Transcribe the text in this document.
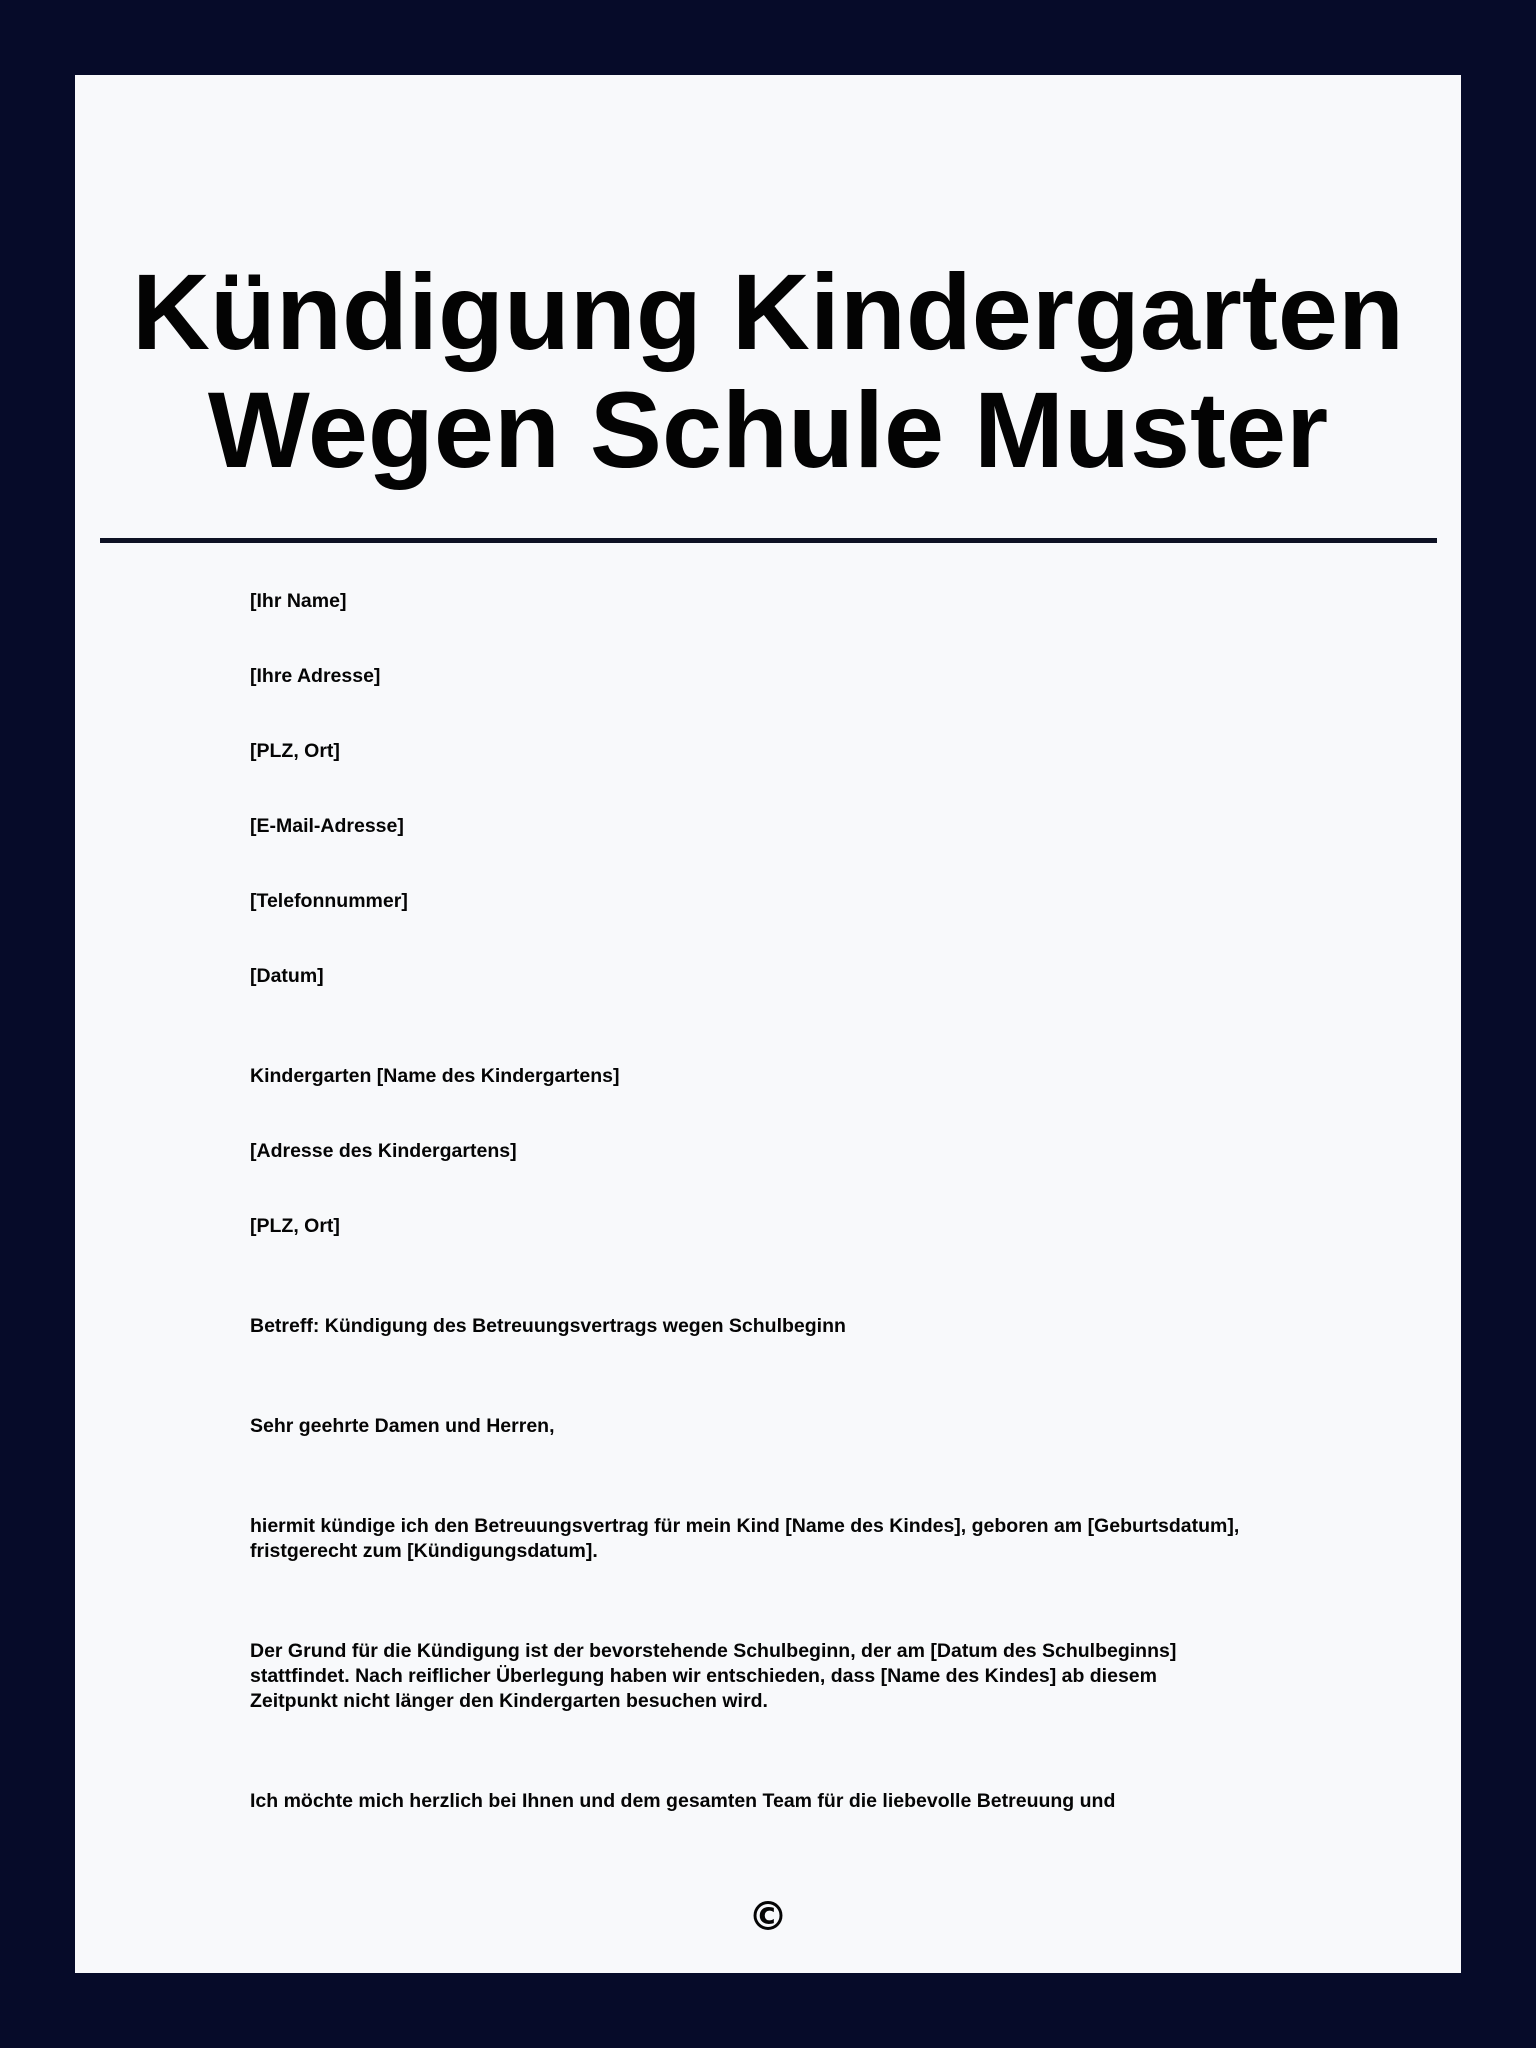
Kündigung Kindergarten
Wegen Schule Muster

[Ihr Name]

[Ihre Adresse]

[PLZ, Ort]

[E-Mail-Adresse]

[Telefonnummer]

[Datum]

Kindergarten [Name des Kindergartens]

[Adresse des Kindergartens]

[PLZ, Ort]

Betreff: Kündigung des Betreuungsvertrags wegen Schulbeginn

Sehr geehrte Damen und Herren,

hiermit kündige ich den Betreuungsvertrag für mein Kind [Name des Kindes], geboren am [Geburtsdatum],
fristgerecht zum [Kündigungsdatum].

Der Grund für die Kündigung ist der bevorstehende Schulbeginn, der am [Datum des Schulbeginns]
stattfindet. Nach reiflicher Überlegung haben wir entschieden, dass [Name des Kindes] ab diesem
Zeitpunkt nicht länger den Kindergarten besuchen wird.

Ich möchte mich herzlich bei Ihnen und dem gesamten Team für die liebevolle Betreuung und

©
